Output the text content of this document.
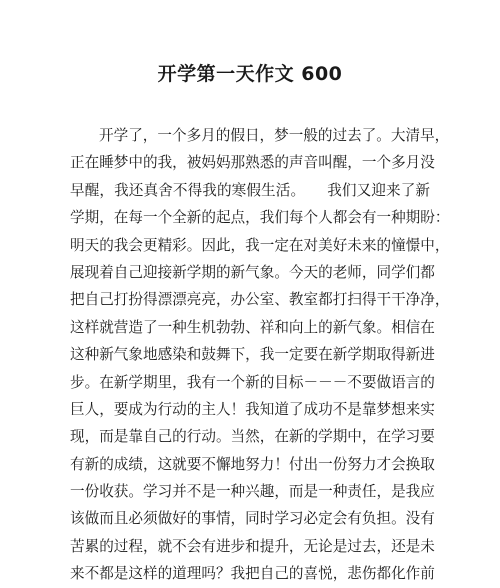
开学第一天作文 600
开学了，一个多月的假日，梦一般的过去了。大清早，
正在睡梦中的我，被妈妈那熟悉的声音叫醒，一个多月没
早醒，我还真舍不得我的寒假生活。　　我们又迎来了新
学期，在每一个全新的起点，我们每个人都会有一种期盼：
明天的我会更精彩。因此，我一定在对美好未来的憧憬中，
展现着自己迎接新学期的新气象。今天的老师，同学们都
把自己打扮得漂漂亮亮，办公室、教室都打扫得干干净净，
这样就营造了一种生机勃勃、祥和向上的新气象。相信在
这种新气象地感染和鼓舞下，我一定要在新学期取得新进
步。在新学期里，我有一个新的目标－－－不要做语言的
巨人，要成为行动的主人！我知道了成功不是靠梦想来实
现，而是靠自己的行动。当然，在新的学期中，在学习要
有新的成绩，这就要不懈地努力！付出一份努力才会换取
一份收获。学习并不是一种兴趣，而是一种责任，是我应
该做而且必须做好的事情，同时学习必定会有负担。没有
苦累的过程，就不会有进步和提升，无论是过去，还是未
来不都是这样的道理吗？我把自己的喜悦，悲伤都化作前
